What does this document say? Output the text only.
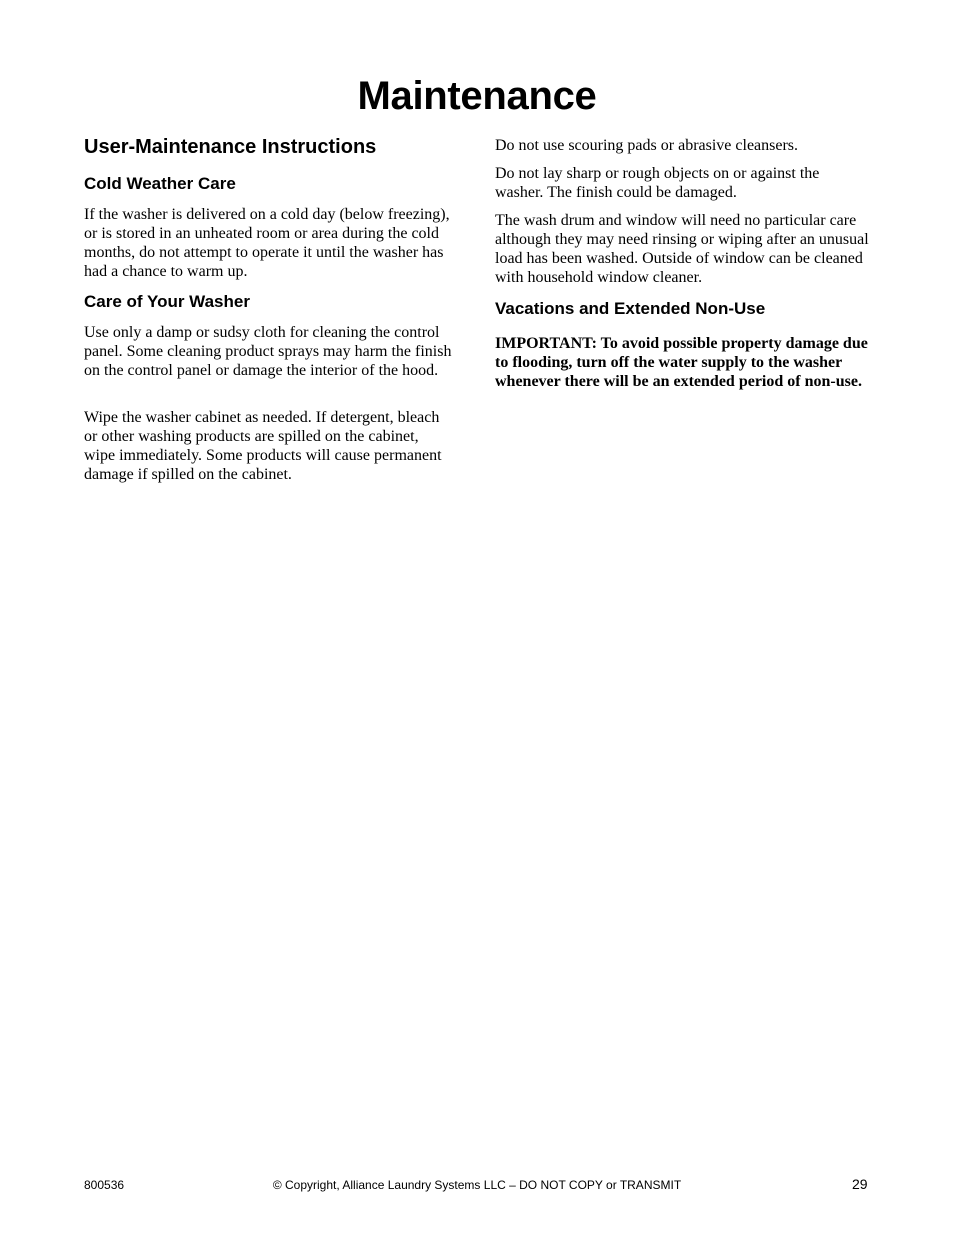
Maintenance
User-Maintenance Instructions
Cold Weather Care

If the washer is delivered on a cold day (below freezing), or is stored in an unheated room or area during the cold months, do not attempt to operate it until the washer has had a chance to warm up.

Care of Your Washer

Use only a damp or sudsy cloth for cleaning the control panel. Some cleaning product sprays may harm the finish on the control panel or damage the interior of the hood.

Wipe the washer cabinet as needed. If detergent, bleach or other washing products are spilled on the cabinet, wipe immediately. Some products will cause permanent damage if spilled on the cabinet.

Do not use scouring pads or abrasive cleansers.

Do not lay sharp or rough objects on or against the washer. The finish could be damaged.

The wash drum and window will need no particular care although they may need rinsing or wiping after an unusual load has been washed. Outside of window can be cleaned with household window cleaner.

Vacations and Extended Non-Use

IMPORTANT: To avoid possible property damage due to flooding, turn off the water supply to the washer whenever there will be an extended period of non-use.

800536	© Copyright, Alliance Laundry Systems LLC – DO NOT COPY or TRANSMIT	29
